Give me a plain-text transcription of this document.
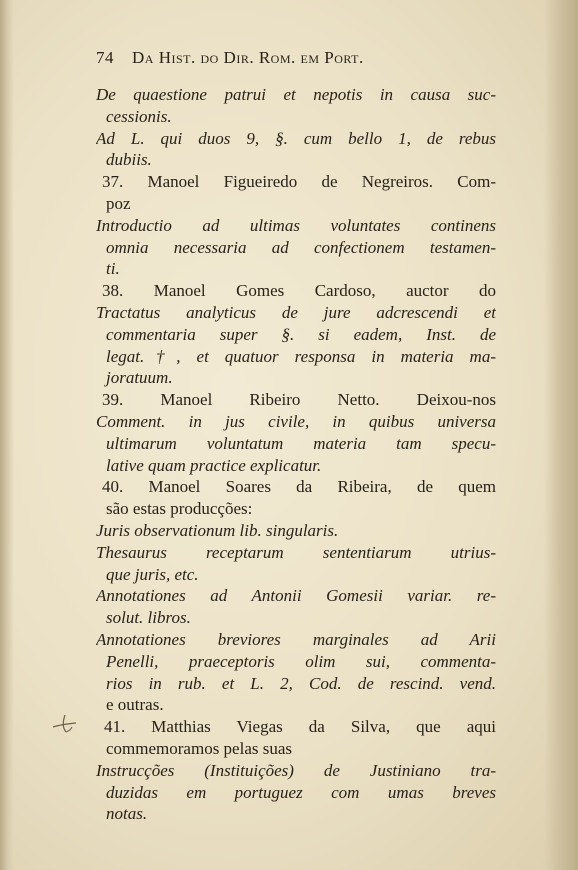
74 Da Hist. do Dir. Rom. em Port.
De quaestione patrui et nepotis in causa suc-
cessionis.
Ad L. qui duos 9, §. cum bello 1, de rebus
dubiis.
37. Manoel Figueiredo de Negreiros. Com-
poz
Introductio ad ultimas voluntates continens
omnia necessaria ad confectionem testamen-
ti.
38. Manoel Gomes Cardoso, auctor do
Tractatus analyticus de jure adcrescendi et
commentaria super §. si eadem, Inst. de
legat.†, et quatuor responsa in materia ma-
joratuum.
39. Manoel Ribeiro Netto. Deixou-nos
Comment. in jus civile, in quibus universa
ultimarum voluntatum materia tam specu-
lative quam practice explicatur.
40. Manoel Soares da Ribeira, de quem
são estas producções:
Juris observationum lib. singularis.
Thesaurus receptarum sententiarum utrius-
que juris, etc.
Annotationes ad Antonii Gomesii variar. re-
solut. libros.
Annotationes breviores marginales ad Arii
Penelli, praeceptoris olim sui, commenta-
rios in rub. et L. 2, Cod. de rescind. vend.
e outras.
41. Matthias Viegas da Silva, que aqui
commemoramos pelas suas
Instrucções (Instituições) de Justiniano tra-
duzidas em portuguez com umas breves
notas.
